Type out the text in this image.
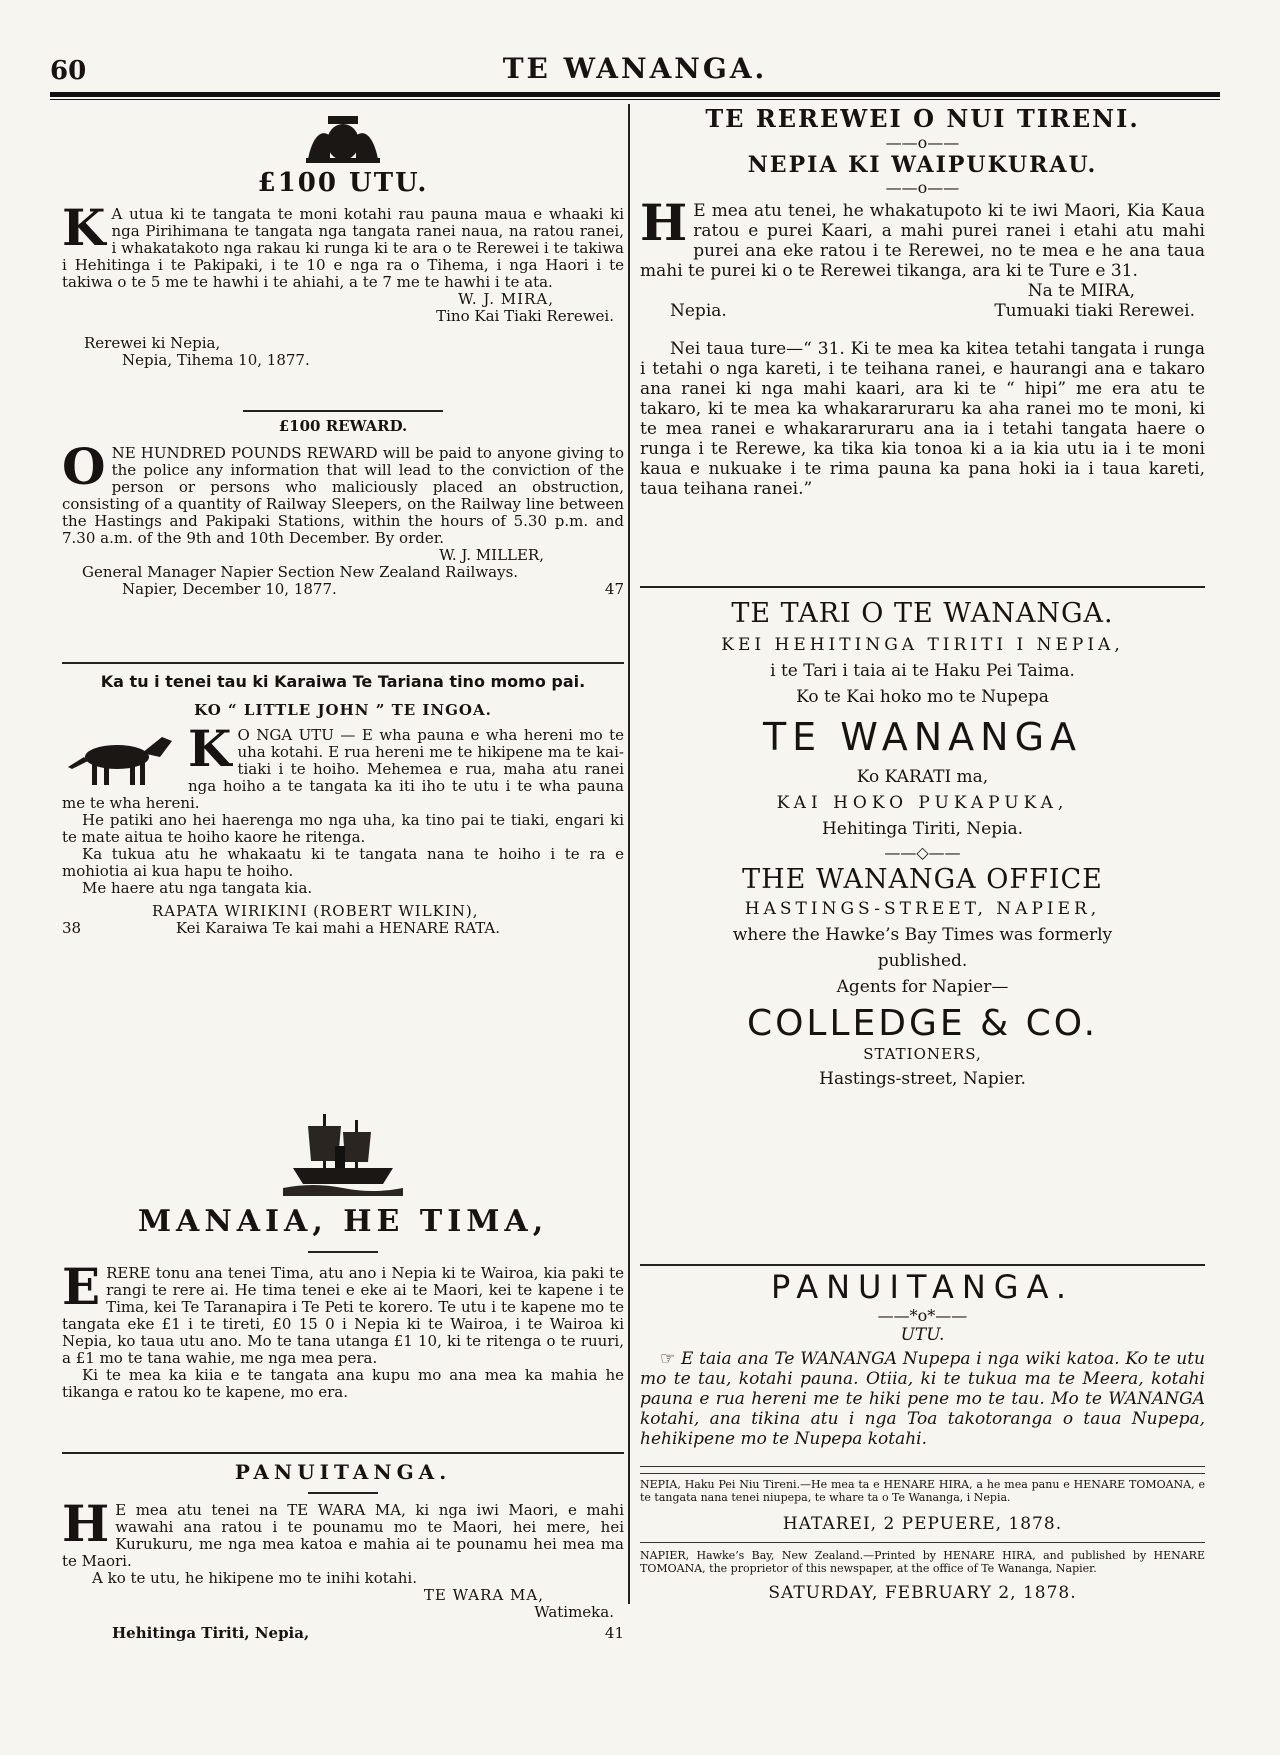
60	TE WANANGA.
£100 UTU.
K A utua ki te tangata te moni kotahi rau pauna maua e whaaki ki nga Pirihimana te tangata nga tangata ranei naua, na ratou ranei, i whakatakoto nga rakau ki runga ki te ara o te Rerewei i te takiwa i Hehitinga i te Pakipaki, i te 10 e nga ra o Tihema, i nga Haori i te takiwa o te 5 me te hawhi i te ahiahi, a te 7 me te hawhi i te ata.
W. J. MIRA,
Tino Kai Tiaki Rerewei.
Rerewei ki Nepia,
Nepia, Tihema 10, 1877.
£100 REWARD.
O NE HUNDRED POUNDS REWARD will be paid to anyone giving to the police any information that will lead to the conviction of the person or persons who maliciously placed an obstruction, consisting of a quantity of Railway Sleepers, on the Railway line between the Hastings and Pakipaki Stations, within the hours of 5.30 p.m. and 7.30 a.m. of the 9th and 10th December. By order.
W. J. MILLER,
General Manager Napier Section New Zealand Railways.
Napier, December 10, 1877.	47
Ka tu i tenei tau ki Karaiwa Te Tariana tino momo pai.
KO “ LITTLE JOHN ” TE INGOA.
K O NGA UTU — E wha pauna e wha hereni mo te uha kotahi. E rua hereni me te hikipene ma te kai-tiaki i te hoiho. Mehemea e rua, maha atu ranei nga hoiho a te tangata ka iti iho te utu i te wha pauna me te wha hereni.

He patiki ano hei haerenga mo nga uha, ka tino pai te tiaki, engari ki te mate aitua te hoiho kaore he ritenga.

Ka tukua atu he whakaatu ki te tangata nana te hoiho i te ra e mohiotia ai kua hapu te hoiho.

Me haere atu nga tangata kia.

RAPATA WIRIKINI (ROBERT WILKIN),
38	Kei Karaiwa Te kai mahi a HENARE RATA.
MANAIA, HE TIMA,
E RERE tonu ana tenei Tima, atu ano i Nepia ki te Wairoa, kia paki te rangi te rere ai. He tima tenei e eke ai te Maori, kei te kapene i te Tima, kei Te Taranapira i Te Peti te korero. Te utu i te kapene mo te tangata eke £1 i te tireti, £0 15 0 i Nepia ki te Wairoa, i te Wairoa ki Nepia, ko taua utu ano. Mo te tana utanga £1 10, ki te ritenga o te ruuri, a £1 mo te tana wahie, me nga mea pera.

Ki te mea ka kiia e te tangata ana kupu mo ana mea ka mahia he tikanga e ratou ko te kapene, mo era.

PANUITANGA.
H E mea atu tenei na TE WARA MA, ki nga iwi Maori, e mahi wawahi ana ratou i te pounamu mo te Maori, hei mere, hei Kurukuru, me nga mea katoa e mahia ai te pounamu hei mea ma te Maori.

A ko te utu, he hikipene mo te inihi kotahi.

TE WARA MA,
Watimeka.
Hehitinga Tiriti, Nepia,	41
TE REREWEI O NUI TIRENI.
——o——
NEPIA KI WAIPUKURAU.
——o——
H E mea atu tenei, he whakatupoto ki te iwi Maori, Kia Kaua ratou e purei Kaari, a mahi purei ranei i etahi atu mahi purei ana eke ratou i te Rerewei, no te mea e he ana taua mahi te purei ki o te Rerewei tikanga, ara ki te Ture e 31.
Na te MIRA,
Nepia.	Tumuaki tiaki Rerewei.

Nei taua ture—“ 31. Ki te mea ka kitea tetahi tangata i runga i tetahi o nga kareti, i te teihana ranei, e haurangi ana e takaro ana ranei ki nga mahi kaari, ara ki te “ hipi” me era atu te takaro, ki te mea ka whakararuraru ka aha ranei mo te moni, ki te mea ranei e whakararuraru ana ia i tetahi tangata haere o runga i te Rerewe, ka tika kia tonoa ki a ia kia utu ia i te moni kaua e nukuake i te rima pauna ka pana hoki ia i taua kareti, taua teihana ranei.”

TE TARI O TE WANANGA.
KEI HEHITINGA TIRITI I NEPIA,
i te Tari i taia ai te Haku Pei Taima.
Ko te Kai hoko mo te Nupepa
TE WANANGA
Ko KARATI ma,
KAI HOKO PUKAPUKA,
Hehitinga Tiriti, Nepia.
——◇——
THE WANANGA OFFICE
HASTINGS-STREET, NAPIER,
where the Hawke’s Bay Times was formerly
published.
Agents for Napier—
COLLEDGE & CO.
STATIONERS,
Hastings-street, Napier.
PANUITANGA.
——*o*——
UTU.

☞ E taia ana Te WANANGA Nupepa i nga wiki katoa. Ko te utu mo te tau, kotahi pauna. Otiia, ki te tukua ma te Meera, kotahi pauna e rua hereni me te hiki pene mo te tau. Mo te WANANGA kotahi, ana tikina atu i nga Toa takotoranga o taua Nupepa, hehikipene mo te Nupepa kotahi.

NEPIA, Haku Pei Niu Tireni.—He mea ta e HENARE HIRA, a he mea panu e HENARE TOMOANA, e te tangata nana tenei niupepa, te whare ta o Te Wananga, i Nepia.

HATAREI, 2 PEPUERE, 1878.

NAPIER, Hawke’s Bay, New Zealand.—Printed by HENARE HIRA, and published by HENARE TOMOANA, the proprietor of this newspaper, at the office of Te Wananga, Napier.

SATURDAY, FEBRUARY 2, 1878.
